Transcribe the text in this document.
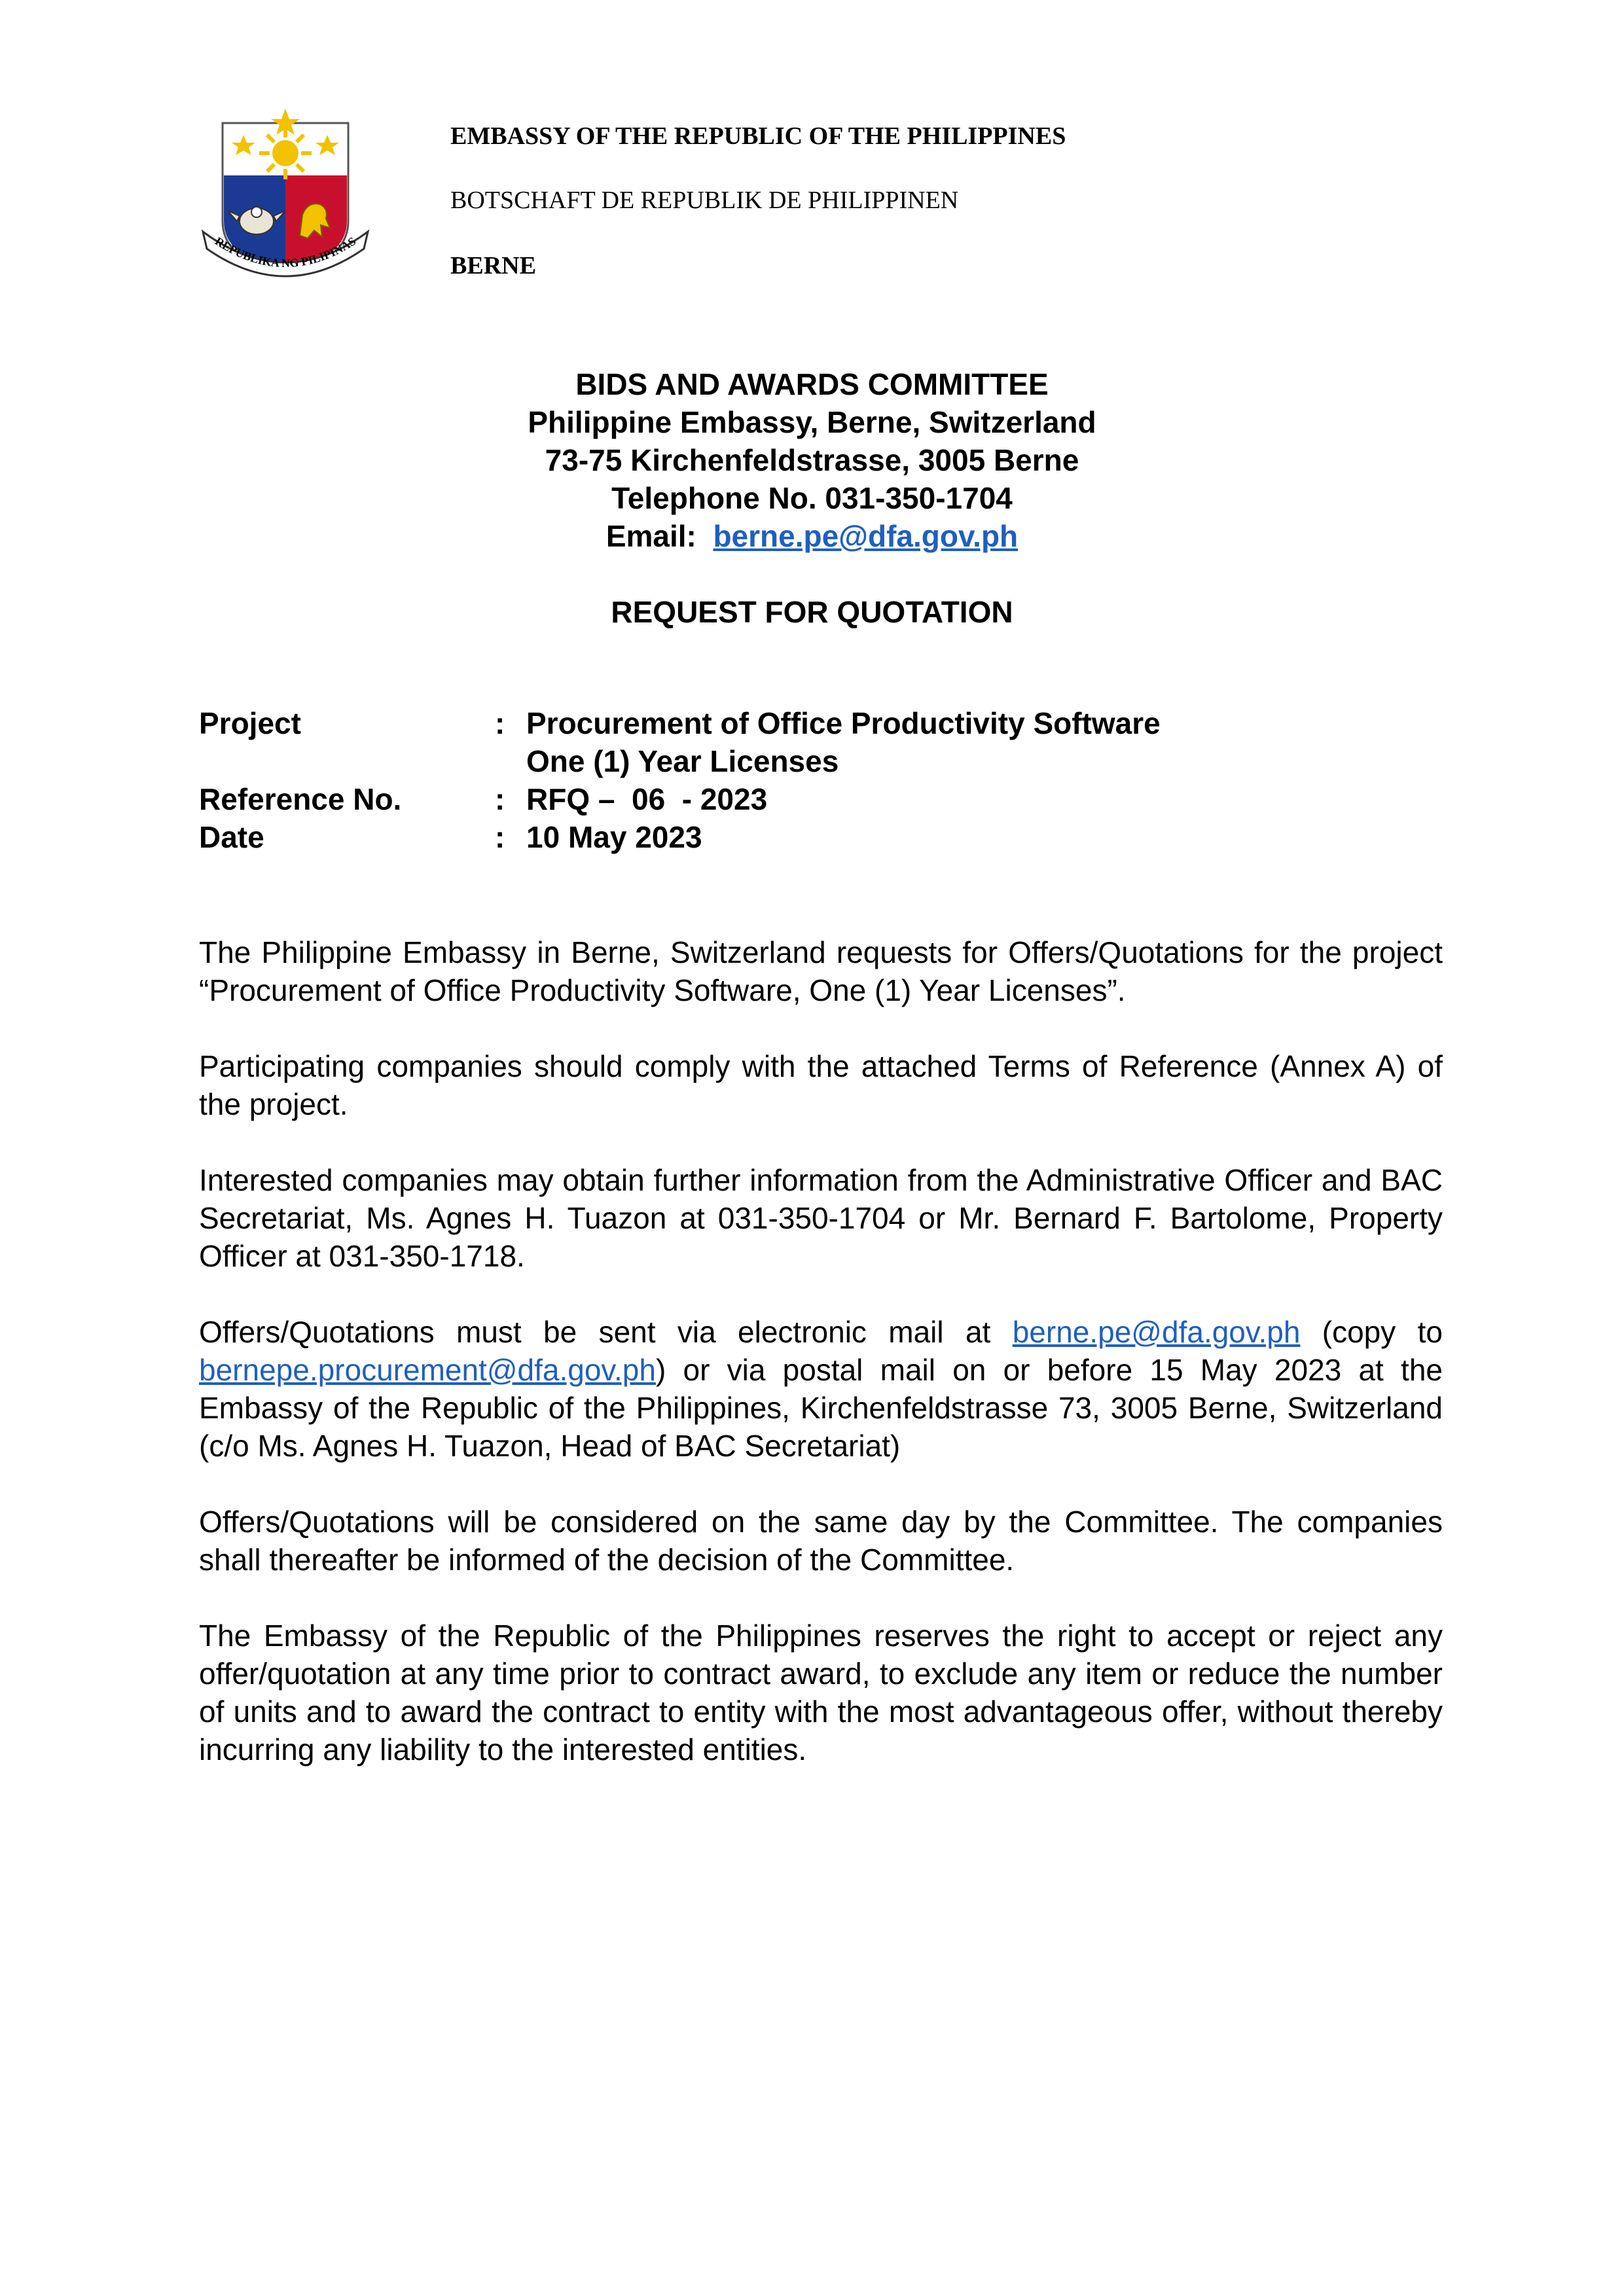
REPUBLIKA NG PILIPINAS
EMBASSY OF THE REPUBLIC OF THE PHILIPPINES
BOTSCHAFT DE REPUBLIK DE PHILIPPINEN
BERNE
BIDS AND AWARDS COMMITTEE
Philippine Embassy, Berne, Switzerland
73-75 Kirchenfeldstrasse, 3005 Berne
Telephone No. 031-350-1704
Email: berne.pe@dfa.gov.ph
REQUEST FOR QUOTATION
Project	: Procurement of Office Productivity Software
One (1) Year Licenses
Reference No.	: RFQ –  06  - 2023
Date	: 10 May 2023

The Philippine Embassy in Berne, Switzerland requests for Offers/Quotations for the project “Procurement of Office Productivity Software, One (1) Year Licenses”.

Participating companies should comply with the attached Terms of Reference (Annex A) of the project.

Interested companies may obtain further information from the Administrative Officer and BAC Secretariat, Ms. Agnes H. Tuazon at 031-350-1704 or Mr. Bernard F. Bartolome, Property Officer at 031-350-1718.

Offers/Quotations must be sent via electronic mail at berne.pe@dfa.gov.ph (copy to bernepe.procurement@dfa.gov.ph) or via postal mail on or before 15 May 2023 at the Embassy of the Republic of the Philippines, Kirchenfeldstrasse 73, 3005 Berne, Switzerland (c/o Ms. Agnes H. Tuazon, Head of BAC Secretariat)

Offers/Quotations will be considered on the same day by the Committee. The companies shall thereafter be informed of the decision of the Committee.

The Embassy of the Republic of the Philippines reserves the right to accept or reject any offer/quotation at any time prior to contract award, to exclude any item or reduce the number of units and to award the contract to entity with the most advantageous offer, without thereby incurring any liability to the interested entities.
